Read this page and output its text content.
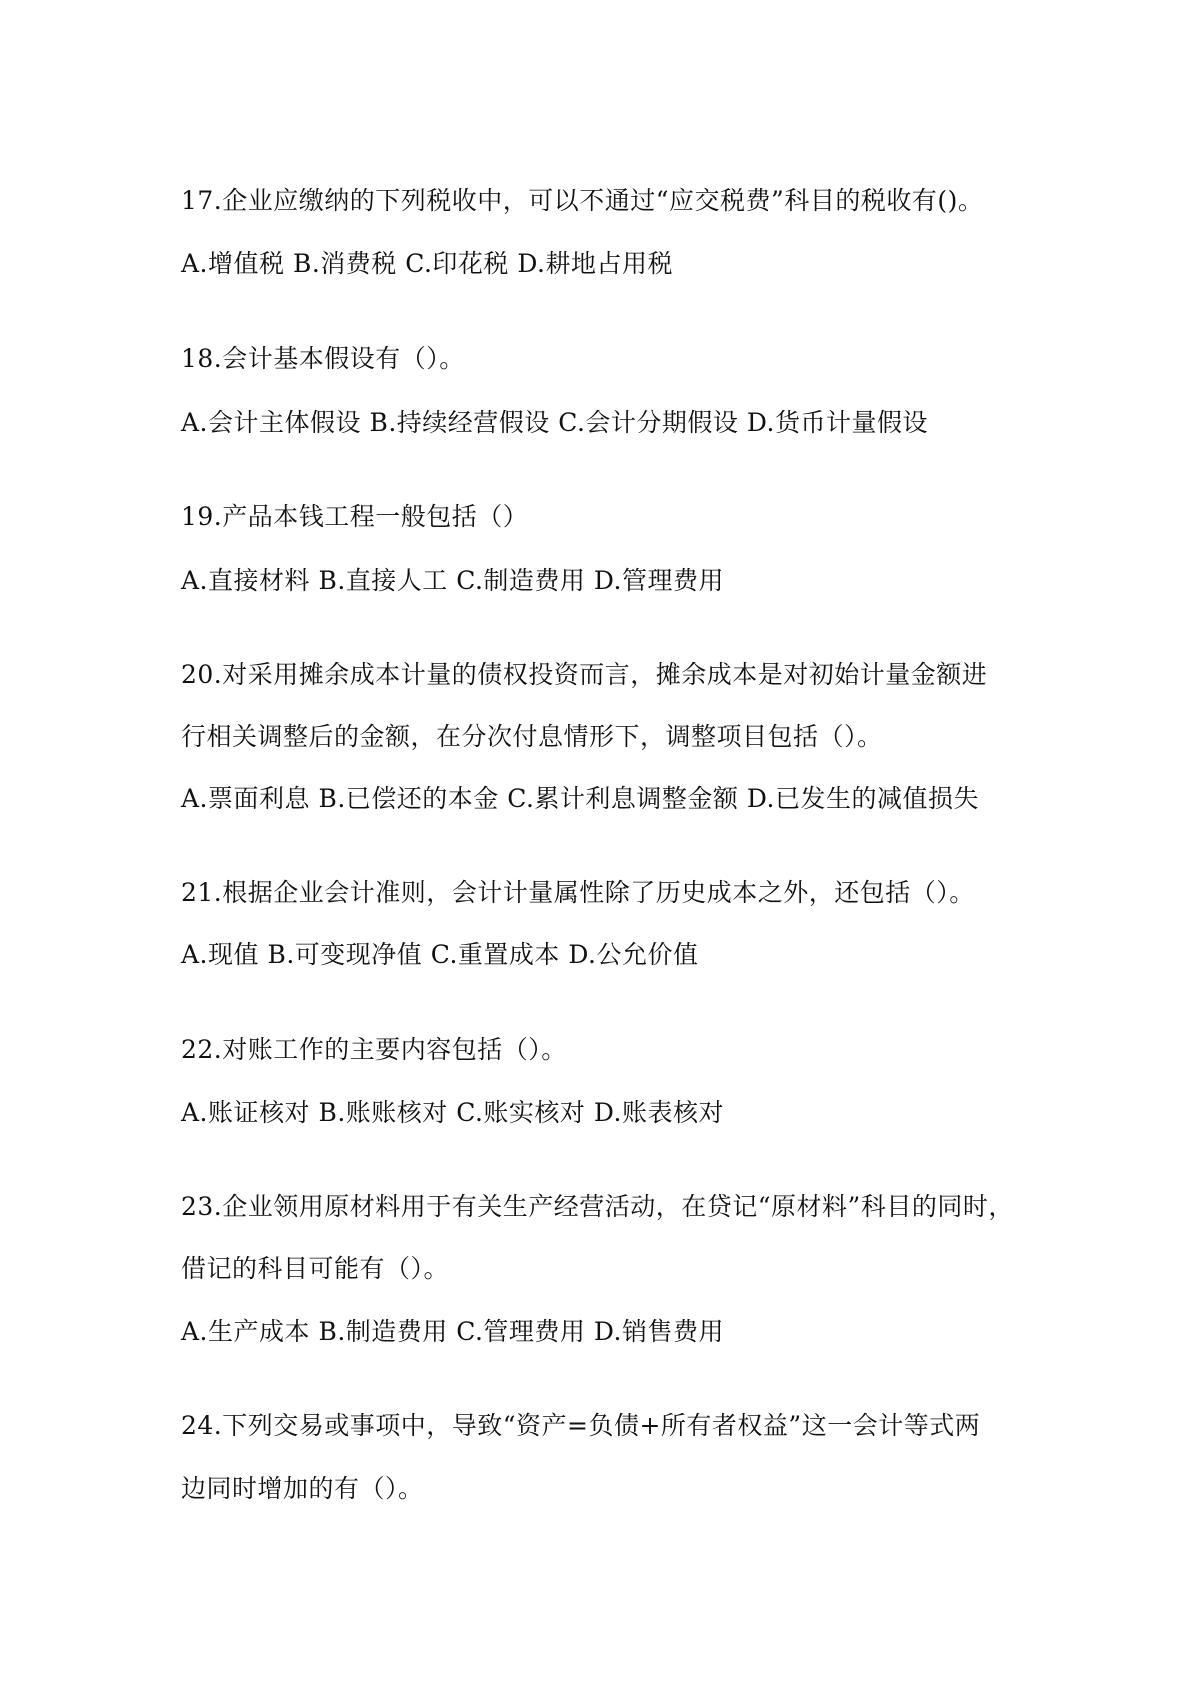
17.企业应缴纳的下列税收中，可以不通过“应交税费”科目的税收有()。
A.增值税 B.消费税 C.印花税 D.耕地占用税
18.会计基本假设有（）。
A.会计主体假设 B.持续经营假设 C.会计分期假设 D.货币计量假设
19.产品本钱工程一般包括（）
A.直接材料 B.直接人工 C.制造费用 D.管理费用
20.对采用摊余成本计量的债权投资而言，摊余成本是对初始计量金额进
行相关调整后的金额，在分次付息情形下，调整项目包括（）。
A.票面利息 B.已偿还的本金 C.累计利息调整金额 D.已发生的减值损失
21.根据企业会计准则，会计计量属性除了历史成本之外，还包括（）。
A.现值 B.可变现净值 C.重置成本 D.公允价值
22.对账工作的主要内容包括（）。
A.账证核对 B.账账核对 C.账实核对 D.账表核对
23.企业领用原材料用于有关生产经营活动，在贷记“原材料”科目的同时，
借记的科目可能有（）。
A.生产成本 B.制造费用 C.管理费用 D.销售费用
24.下列交易或事项中，导致“资产=负债+所有者权益”这一会计等式两
边同时增加的有（）。
